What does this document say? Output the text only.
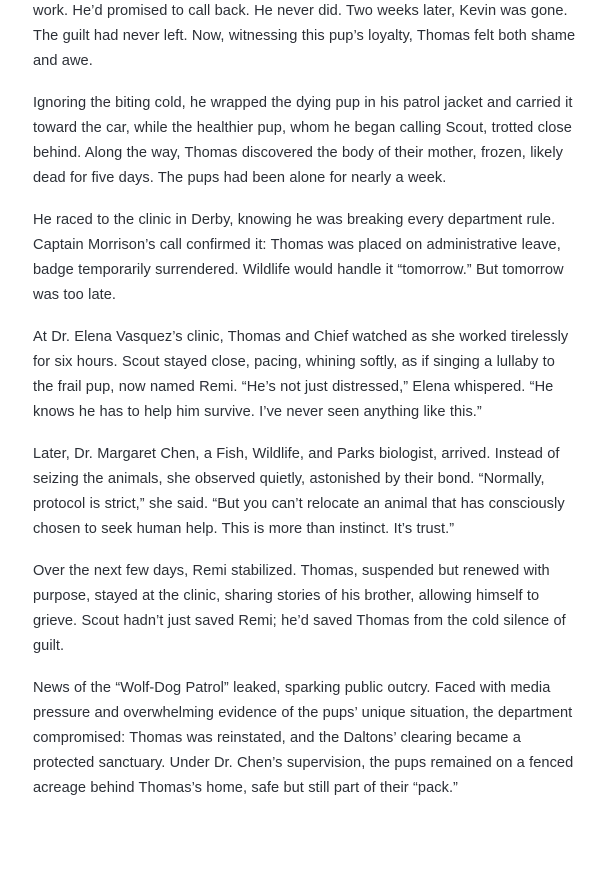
work. He’d promised to call back. He never did. Two weeks later, Kevin was gone. The guilt had never left. Now, witnessing this pup’s loyalty, Thomas felt both shame and awe.

Ignoring the biting cold, he wrapped the dying pup in his patrol jacket and carried it toward the car, while the healthier pup, whom he began calling Scout, trotted close behind. Along the way, Thomas discovered the body of their mother, frozen, likely dead for five days. The pups had been alone for nearly a week.

He raced to the clinic in Derby, knowing he was breaking every department rule. Captain Morrison’s call confirmed it: Thomas was placed on administrative leave, badge temporarily surrendered. Wildlife would handle it “tomorrow.” But tomorrow was too late.

At Dr. Elena Vasquez’s clinic, Thomas and Chief watched as she worked tirelessly for six hours. Scout stayed close, pacing, whining softly, as if singing a lullaby to the frail pup, now named Remi. “He’s not just distressed,” Elena whispered. “He knows he has to help him survive. I’ve never seen anything like this.”

Later, Dr. Margaret Chen, a Fish, Wildlife, and Parks biologist, arrived. Instead of seizing the animals, she observed quietly, astonished by their bond. “Normally, protocol is strict,” she said. “But you can’t relocate an animal that has consciously chosen to seek human help. This is more than instinct. It’s trust.”

Over the next few days, Remi stabilized. Thomas, suspended but renewed with purpose, stayed at the clinic, sharing stories of his brother, allowing himself to grieve. Scout hadn’t just saved Remi; he’d saved Thomas from the cold silence of guilt.

News of the “Wolf-Dog Patrol” leaked, sparking public outcry. Faced with media pressure and overwhelming evidence of the pups’ unique situation, the department compromised: Thomas was reinstated, and the Daltons’ clearing became a protected sanctuary. Under Dr. Chen’s supervision, the pups remained on a fenced acreage behind Thomas’s home, safe but still part of their “pack.”
